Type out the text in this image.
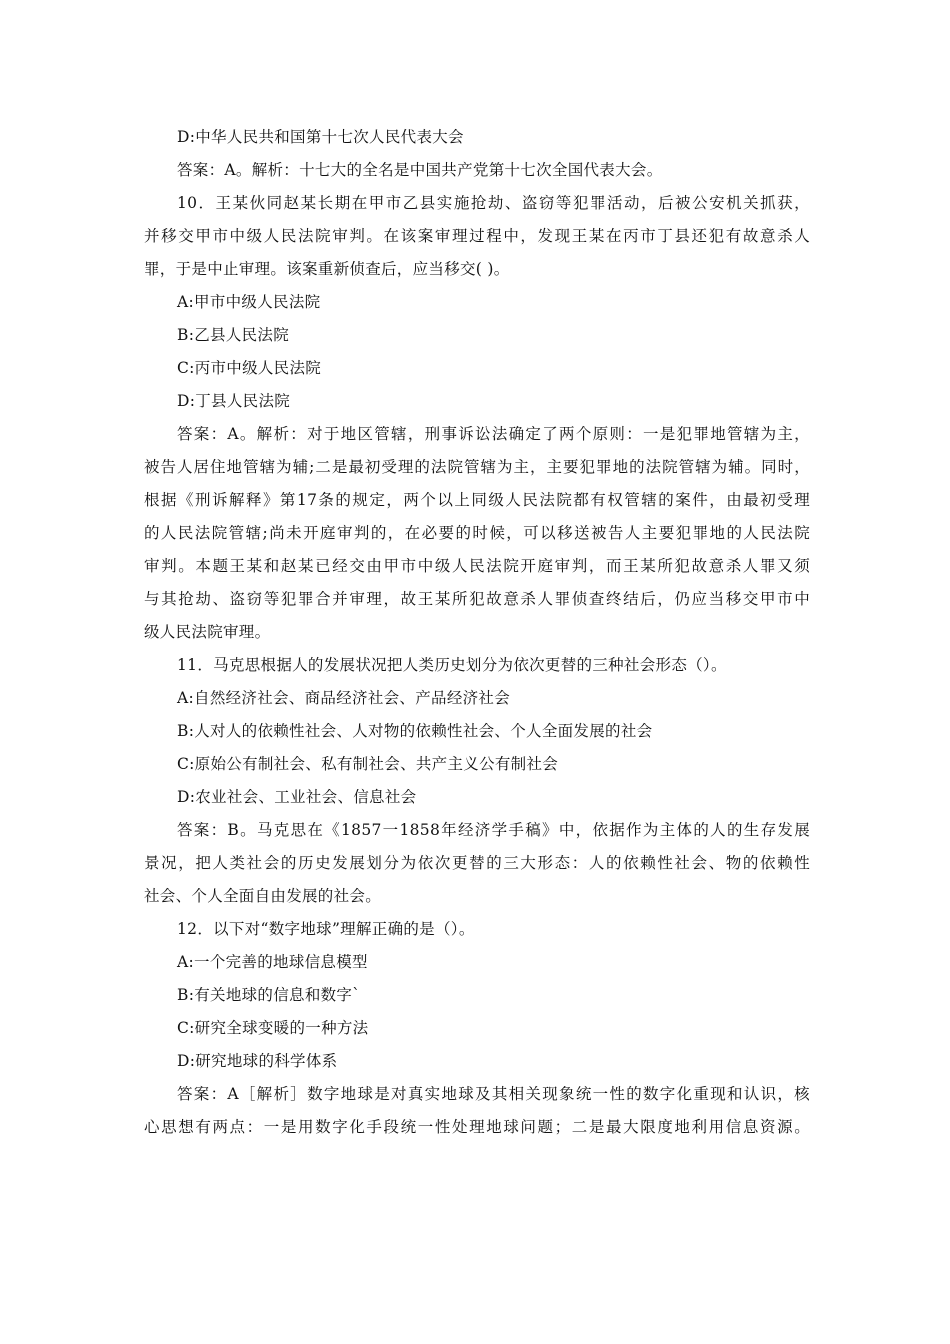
D:中华人民共和国第十七次人民代表大会
答案：A。解析：十七大的全名是中国共产党第十七次全国代表大会。
10．王某伙同赵某长期在甲市乙县实施抢劫、盗窃等犯罪活动，后被公安机关抓获，
并移交甲市中级人民法院审判。在该案审理过程中，发现王某在丙市丁县还犯有故意杀人
罪，于是中止审理。该案重新侦查后，应当移交( )。
A:甲市中级人民法院
B:乙县人民法院
C:丙市中级人民法院
D:丁县人民法院
答案：A。解析：对于地区管辖，刑事诉讼法确定了两个原则：一是犯罪地管辖为主，
被告人居住地管辖为辅;二是最初受理的法院管辖为主，主要犯罪地的法院管辖为辅。同时，
根据《刑诉解释》第17条的规定，两个以上同级人民法院都有权管辖的案件，由最初受理
的人民法院管辖;尚未开庭审判的，在必要的时候，可以移送被告人主要犯罪地的人民法院
审判。本题王某和赵某已经交由甲市中级人民法院开庭审判，而王某所犯故意杀人罪又须
与其抢劫、盗窃等犯罪合并审理，故王某所犯故意杀人罪侦查终结后，仍应当移交甲市中
级人民法院审理。
11．马克思根据人的发展状况把人类历史划分为依次更替的三种社会形态（）。
A:自然经济社会、商品经济社会、产品经济社会
B:人对人的依赖性社会、人对物的依赖性社会、个人全面发展的社会
C:原始公有制社会、私有制社会、共产主义公有制社会
D:农业社会、工业社会、信息社会
答案：B。马克思在《1857一1858年经济学手稿》中，依据作为主体的人的生存发展
景况，把人类社会的历史发展划分为依次更替的三大形态：人的依赖性社会、物的依赖性
社会、个人全面自由发展的社会。
12．以下对“数字地球”理解正确的是（）。
A:一个完善的地球信息模型
B:有关地球的信息和数字`
C:研究全球变暖的一种方法
D:研究地球的科学体系
答案：A［解析］数字地球是对真实地球及其相关现象统一性的数字化重现和认识，核
心思想有两点：一是用数字化手段统一性处理地球问题；二是最大限度地利用信息资源。
